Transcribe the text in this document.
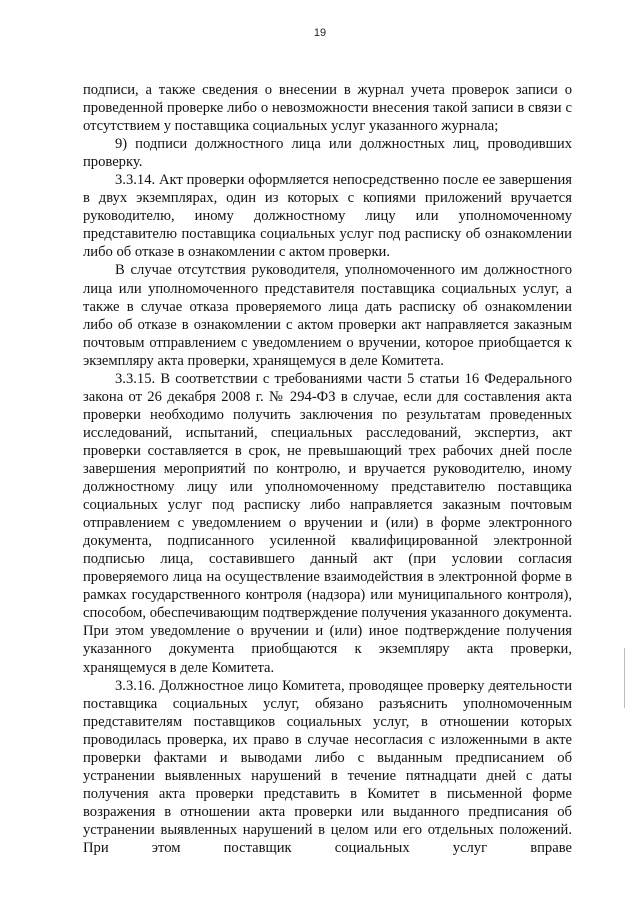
19

подписи, а также сведения о внесении в журнал учета проверок записи о проведенной проверке либо о невозможности внесения такой записи в связи с отсутствием у поставщика социальных услуг указанного журнала;

9) подписи должностного лица или должностных лиц, проводивших проверку.

3.3.14. Акт проверки оформляется непосредственно после ее завершения в двух экземплярах, один из которых с копиями приложений вручается руководителю, иному должностному лицу или уполномоченному представителю поставщика социальных услуг под расписку об ознакомлении либо об отказе в ознакомлении с актом проверки.

В случае отсутствия руководителя, уполномоченного им должностного лица или уполномоченного представителя поставщика социальных услуг, а также в случае отказа проверяемого лица дать расписку об ознакомлении либо об отказе в ознакомлении с актом проверки акт направляется заказным почтовым отправлением с уведомлением о вручении, которое приобщается к экземпляру акта проверки, хранящемуся в деле Комитета.

3.3.15. В соответствии с требованиями части 5 статьи 16 Федерального закона от 26 декабря 2008 г. № 294-ФЗ в случае, если для составления акта проверки необходимо получить заключения по результатам проведенных исследований, испытаний, специальных расследований, экспертиз, акт проверки составляется в срок, не превышающий трех рабочих дней после завершения мероприятий по контролю, и вручается руководителю, иному должностному лицу или уполномоченному представителю поставщика социальных услуг под расписку либо направляется заказным почтовым отправлением с уведомлением о вручении и (или) в форме электронного документа, подписанного усиленной квалифицированной электронной подписью лица, составившего данный акт (при условии согласия проверяемого лица на осуществление взаимодействия в электронной форме в рамках государственного контроля (надзора) или муниципального контроля), способом, обеспечивающим подтверждение получения указанного документа. При этом уведомление о вручении и (или) иное подтверждение получения указанного документа приобщаются к экземпляру акта проверки, хранящемуся в деле Комитета.

3.3.16. Должностное лицо Комитета, проводящее проверку деятельности поставщика социальных услуг, обязано разъяснить уполномоченным представителям поставщиков социальных услуг, в отношении которых проводилась проверка, их право в случае несогласия с изложенными в акте проверки фактами и выводами либо с выданным предписанием об устранении выявленных нарушений в течение пятнадцати дней с даты получения акта проверки представить в Комитет в письменной форме возражения в отношении акта проверки или выданного предписания об устранении выявленных нарушений в целом или его отдельных положений. При этом поставщик социальных услуг вправе
